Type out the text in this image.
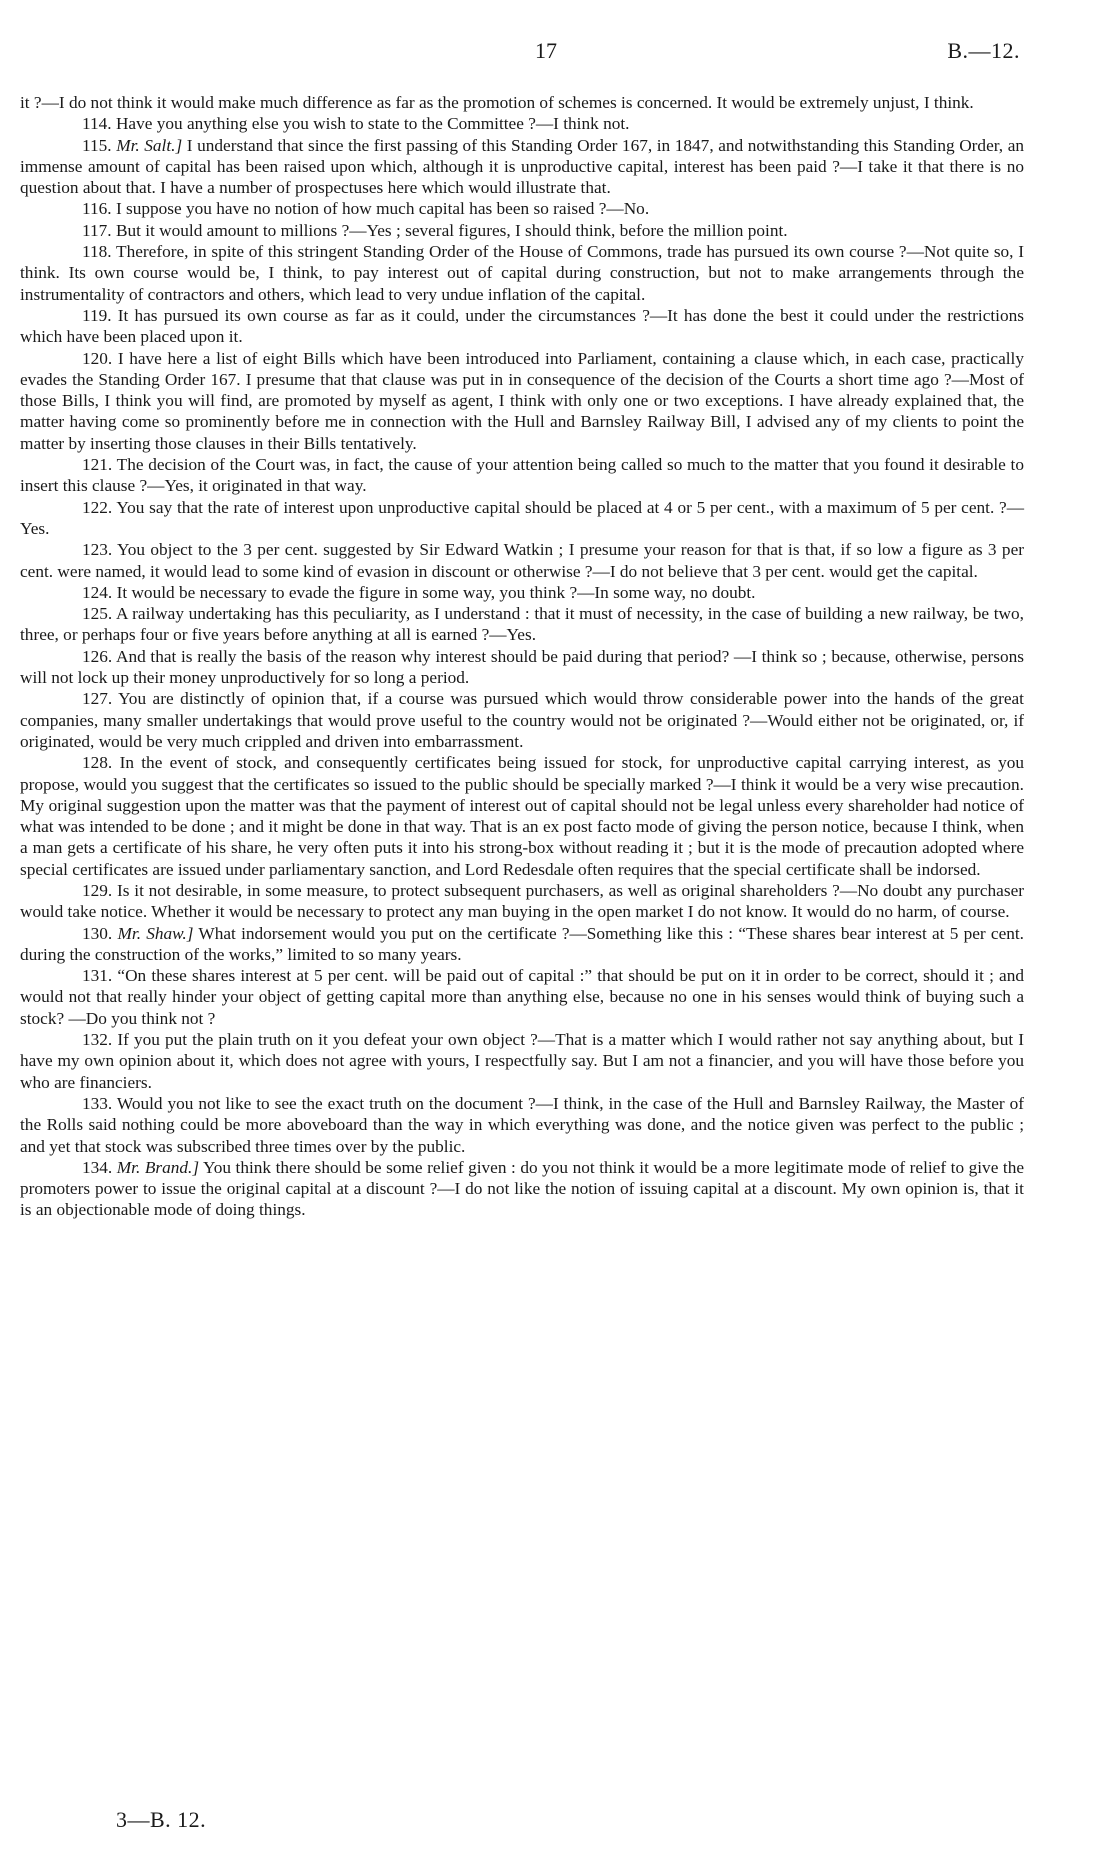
17	B.—12.

it ?—I do not think it would make much difference as far as the promotion of schemes is concerned. It would be extremely unjust, I think.

114. Have you anything else you wish to state to the Committee ?—I think not.

115. Mr. Salt.] I understand that since the first passing of this Standing Order 167, in 1847, and notwithstanding this Standing Order, an immense amount of capital has been raised upon which, although it is unproductive capital, interest has been paid ?—I take it that there is no question about that. I have a number of prospectuses here which would illustrate that.

116. I suppose you have no notion of how much capital has been so raised ?—No.

117. But it would amount to millions ?—Yes ; several figures, I should think, before the million point.

118. Therefore, in spite of this stringent Standing Order of the House of Commons, trade has pursued its own course ?—Not quite so, I think. Its own course would be, I think, to pay interest out of capital during construction, but not to make arrangements through the instrumentality of contractors and others, which lead to very undue inflation of the capital.

119. It has pursued its own course as far as it could, under the circumstances ?—It has done the best it could under the restrictions which have been placed upon it.

120. I have here a list of eight Bills which have been introduced into Parliament, containing a clause which, in each case, practically evades the Standing Order 167. I presume that that clause was put in in consequence of the decision of the Courts a short time ago ?—Most of those Bills, I think you will find, are promoted by myself as agent, I think with only one or two exceptions. I have already explained that, the matter having come so prominently before me in connection with the Hull and Barnsley Railway Bill, I advised any of my clients to point the matter by inserting those clauses in their Bills tentatively.

121. The decision of the Court was, in fact, the cause of your attention being called so much to the matter that you found it desirable to insert this clause ?—Yes, it originated in that way.

122. You say that the rate of interest upon unproductive capital should be placed at 4 or 5 per cent., with a maximum of 5 per cent. ?—Yes.

123. You object to the 3 per cent. suggested by Sir Edward Watkin ; I presume your reason for that is that, if so low a figure as 3 per cent. were named, it would lead to some kind of evasion in discount or otherwise ?—I do not believe that 3 per cent. would get the capital.

124. It would be necessary to evade the figure in some way, you think ?—In some way, no doubt.

125. A railway undertaking has this peculiarity, as I understand : that it must of necessity, in the case of building a new railway, be two, three, or perhaps four or five years before anything at all is earned ?—Yes.

126. And that is really the basis of the reason why interest should be paid during that period? —I think so ; because, otherwise, persons will not lock up their money unproductively for so long a period.

127. You are distinctly of opinion that, if a course was pursued which would throw considerable power into the hands of the great companies, many smaller undertakings that would prove useful to the country would not be originated ?—Would either not be originated, or, if originated, would be very much crippled and driven into embarrassment.

128. In the event of stock, and consequently certificates being issued for stock, for unproductive capital carrying interest, as you propose, would you suggest that the certificates so issued to the public should be specially marked ?—I think it would be a very wise precaution. My original suggestion upon the matter was that the payment of interest out of capital should not be legal unless every shareholder had notice of what was intended to be done ; and it might be done in that way. That is an ex post facto mode of giving the person notice, because I think, when a man gets a certificate of his share, he very often puts it into his strong-box without reading it ; but it is the mode of precaution adopted where special certificates are issued under parliamentary sanction, and Lord Redesdale often requires that the special certificate shall be indorsed.

129. Is it not desirable, in some measure, to protect subsequent purchasers, as well as original shareholders ?—No doubt any purchaser would take notice. Whether it would be necessary to protect any man buying in the open market I do not know. It would do no harm, of course.

130. Mr. Shaw.] What indorsement would you put on the certificate ?—Something like this : “These shares bear interest at 5 per cent. during the construction of the works,” limited to so many years.

131. “On these shares interest at 5 per cent. will be paid out of capital :” that should be put on it in order to be correct, should it ; and would not that really hinder your object of getting capital more than anything else, because no one in his senses would think of buying such a stock? —Do you think not ?

132. If you put the plain truth on it you defeat your own object ?—That is a matter which I would rather not say anything about, but I have my own opinion about it, which does not agree with yours, I respectfully say. But I am not a financier, and you will have those before you who are financiers.

133. Would you not like to see the exact truth on the document ?—I think, in the case of the Hull and Barnsley Railway, the Master of the Rolls said nothing could be more aboveboard than the way in which everything was done, and the notice given was perfect to the public ; and yet that stock was subscribed three times over by the public.

134. Mr. Brand.] You think there should be some relief given : do you not think it would be a more legitimate mode of relief to give the promoters power to issue the original capital at a discount ?—I do not like the notion of issuing capital at a discount. My own opinion is, that it is an objectionable mode of doing things.

3—B. 12.
